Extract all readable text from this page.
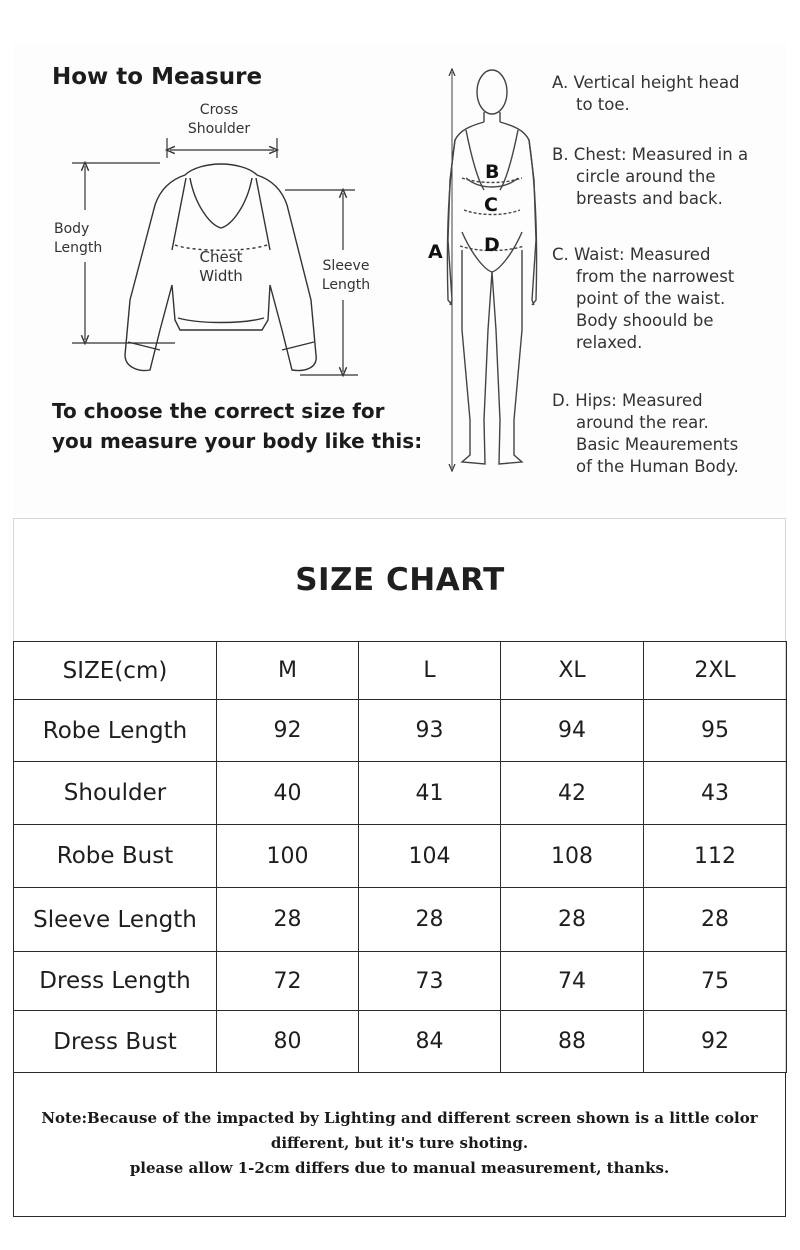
How to Measure
Cross
Shoulder
Body
Length	Chest
Width
Sleeve
Length

To choose the correct size for you measure your body like this:

A
B
C
D
A. Vertical height head
to toe.
B. Chest: Measured in a
circle around the
breasts and back.
C. Waist: Measured
from the narrowest
point of the waist.
Body shoould be
relaxed.
D. Hips: Measured
around the rear.
Basic Meaurements
of the Human Body.
SIZE CHART
SIZE(cm)	M	L	XL	2XL
Robe Length	92	93	94	95
Shoulder	40	41	42	43
Robe Bust	100	104	108	112
Sleeve Length	28	28	28	28
Dress Length	72	73	74	75
Dress Bust	80	84	88	92
Note:Because of the impacted by Lighting and different screen shown is a little color
different, but it's ture shoting.
please allow 1-2cm differs due to manual measurement, thanks.
